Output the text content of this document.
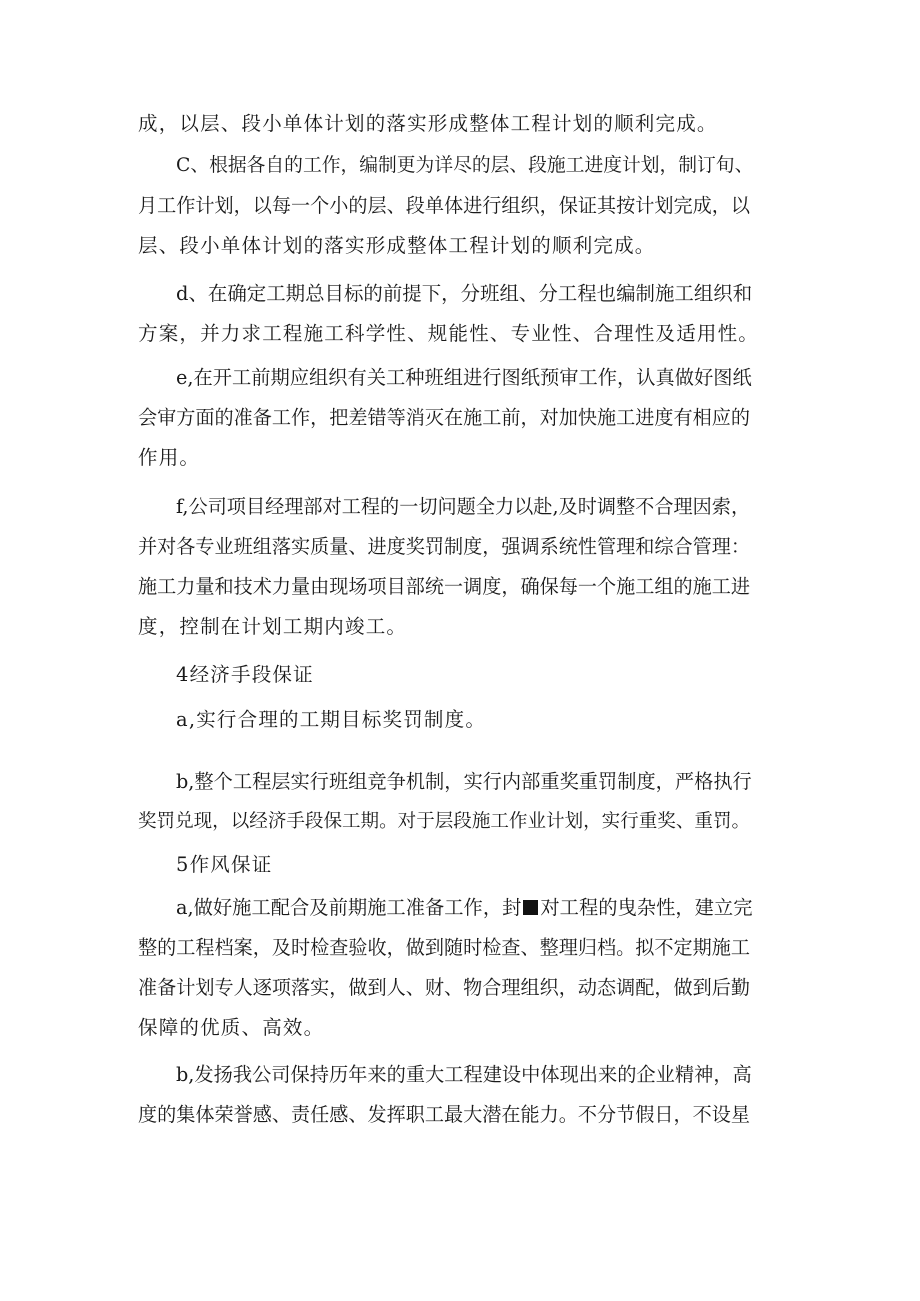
成，以层、段小单体计划的落实形成整体工程计划的顺利完成。
C、根据各自的工作，编制更为详尽的层、段施工进度计划，制订旬、
月工作计划，以每一个小的层、段单体进行组织，保证其按计划完成，以
层、段小单体计划的落实形成整体工程计划的顺利完成。
d、在确定工期总目标的前提下，分班组、分工程也编制施工组织和
方案，并力求工程施工科学性、规能性、专业性、合理性及适用性。
e,在开工前期应组织有关工种班组进行图纸预审工作，认真做好图纸
会审方面的准备工作，把差错等消灭在施工前，对加快施工进度有相应的
作用。
f,公司项目经理部对工程的一切问题全力以赴,及时调整不合理因索，
并对各专业班组落实质量、进度奖罚制度，强调系统性管理和综合管理：
施工力量和技术力量由现场项目部统一调度，确保每一个施工组的施工进
度，控制在计划工期内竣工。
4经济手段保证
a,实行合理的工期目标奖罚制度。
b,整个工程层实行班组竞争机制，实行内部重奖重罚制度，严格执行
奖罚兑现，以经济手段保工期。对于层段施工作业计划，实行重奖、重罚。
5作风保证
a,做好施工配合及前期施工准备工作，封 对工程的曳杂性，建立完
整的工程档案，及时检查验收，做到随时检查、整理归档。拟不定期施工
准备计划专人逐项落实，做到人、财、物合理组织，动态调配，做到后勤
保障的优质、高效。
b,发扬我公司保持历年来的重大工程建设中体现出来的企业精神，高
度的集体荣誉感、责任感、发挥职工最大潜在能力。不分节假日，不设星
